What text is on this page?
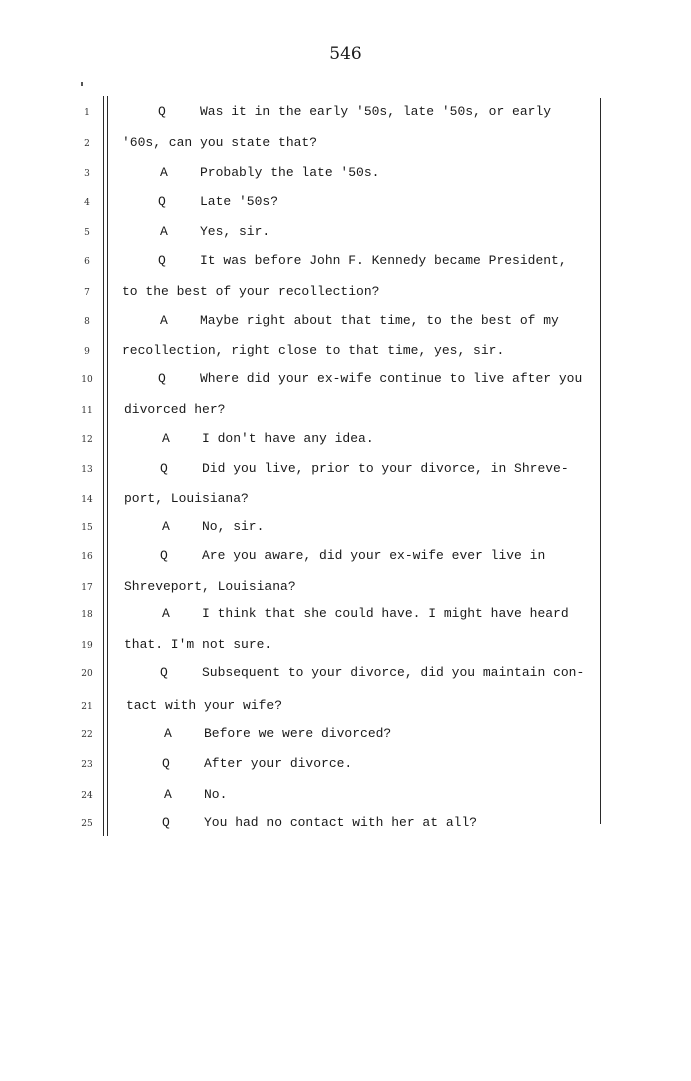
546
1	Q	Was it in the early '50s, late '50s, or early
2	'60s, can you state that?
3	A Probably the late '50s.
4	Q	Late '50s?
5	A Yes, sir.
6	Q	It was before John F. Kennedy became President,
7	to the best of your recollection?
8	A Maybe right about that time, to the best of my
9	recollection, right close to that time, yes, sir.
10	Q	Where did your ex-wife continue to live after you
11 divorced her?
12	A I don't have any idea.
13	Q	Did you live, prior to your divorce, in Shreve-
14 port, Louisiana?
15	A No, sir.
16	Q	Are you aware, did your ex-wife ever live in
17 Shreveport, Louisiana?
18	A I think that she could have. I might have heard
19 that. I'm not sure.
20	Q	Subsequent to your divorce, did you maintain con-
21	tact with your wife?
22	A Before we were divorced?
23	Q	After your divorce.
24	A No.
25	Q	You had no contact with her at all?
